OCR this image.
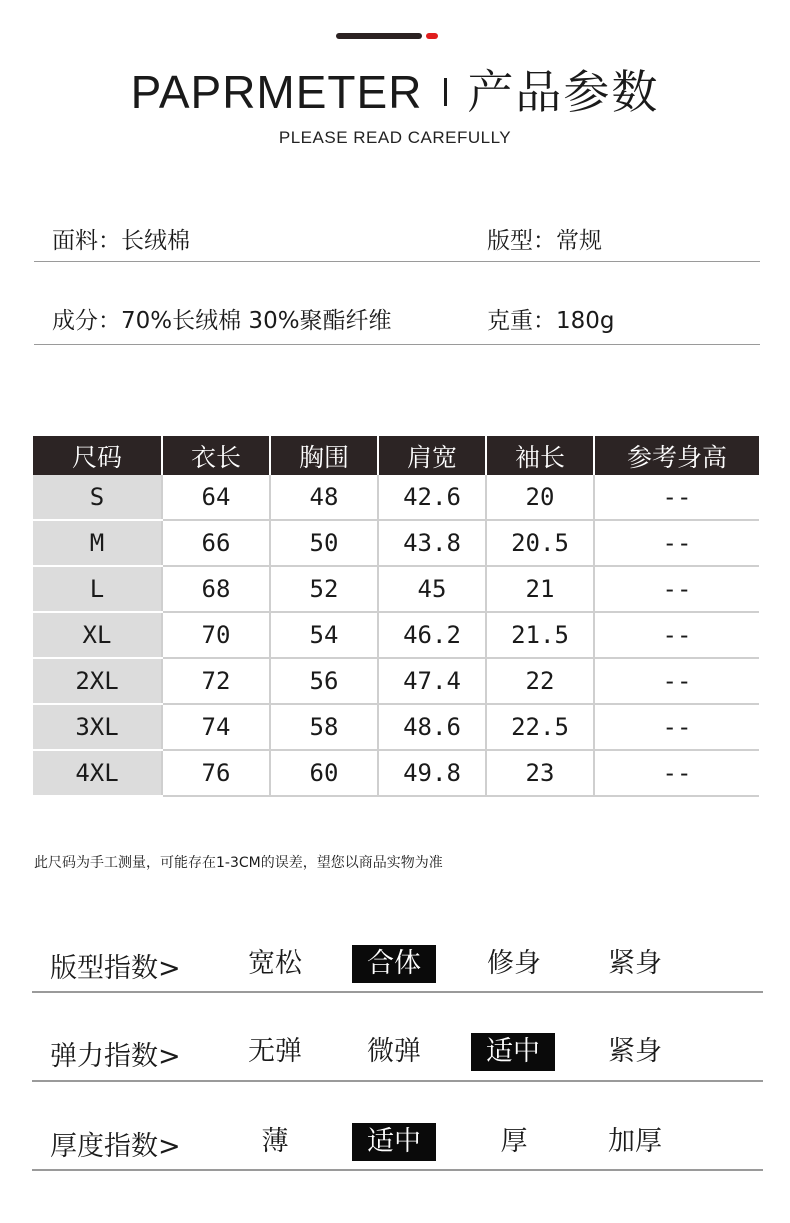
PAPRMETER 产品参数
PLEASE READ CAREFULLY
面料：长绒棉	版型：常规
成分：70%长绒棉 30%聚酯纤维	克重：180g
尺码	衣长	胸围	肩宽	袖长	参考身高
S	64	48	42.6	20	--
M	66	50	43.8	20.5	--
L	68	52	45	21	--
XL	70	54	46.2	21.5	--
2XL	72	56	47.4	22	--
3XL	74	58	48.6	22.5	--
4XL	76	60	49.8	23	--
此尺码为手工测量，可能存在1-3CM的误差，望您以商品实物为准
版型指数>	宽松	合体	修身	紧身
弹力指数>	无弹	微弹	适中	紧身
厚度指数>	薄	适中	厚	加厚
